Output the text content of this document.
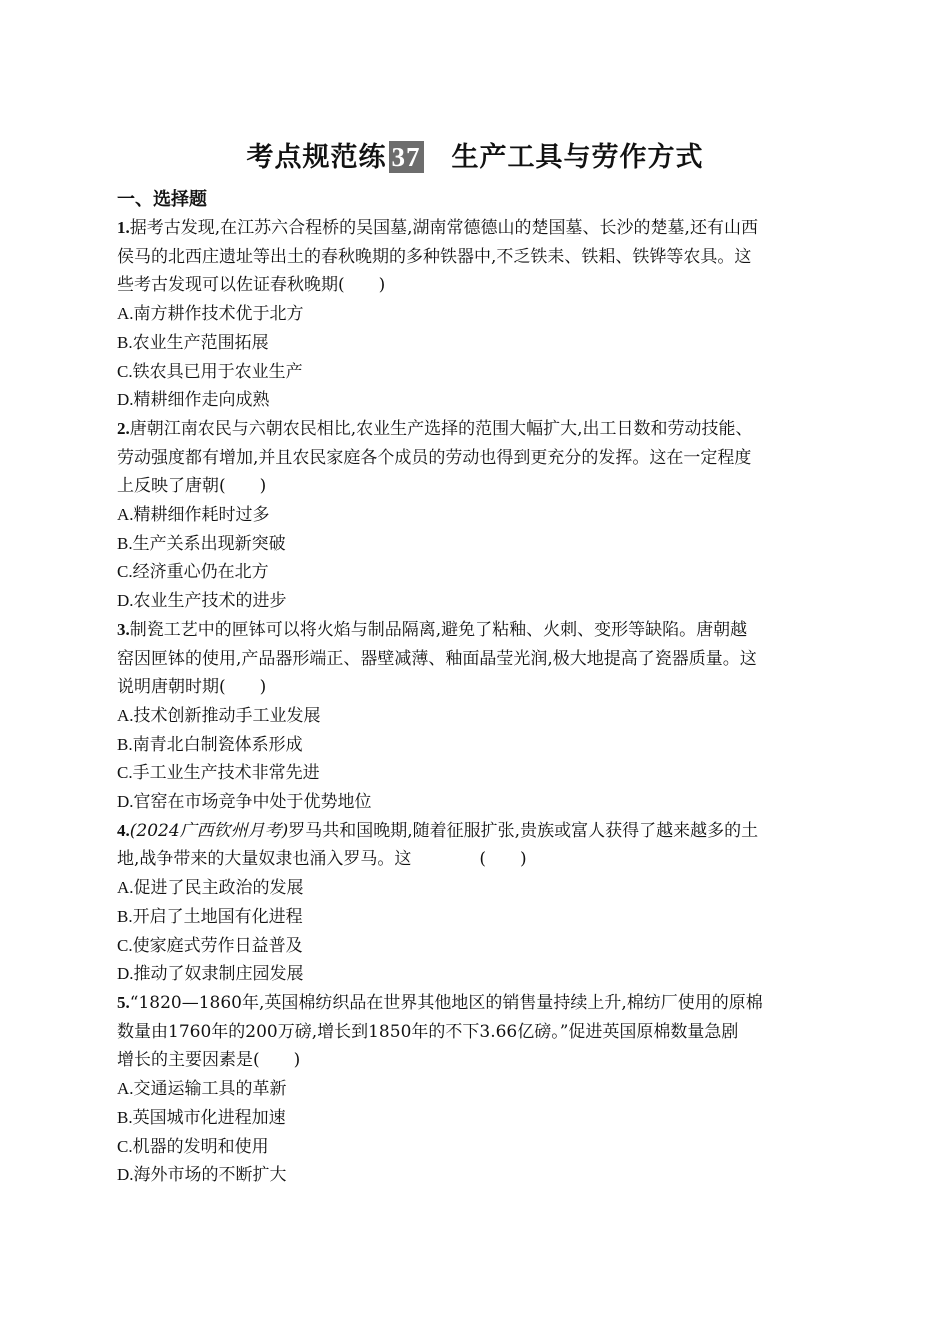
考点规范练 37 生产工具与劳作方式
一、选择题
1.据考古发现,在江苏六合程桥的吴国墓,湖南常德德山的楚国墓、长沙的楚墓,还有山西
侯马的北西庄遗址等出土的春秋晚期的多种铁器中,不乏铁耒、铁耜、铁铧等农具。这
些考古发现可以佐证春秋晚期(　　)
A.南方耕作技术优于北方
B.农业生产范围拓展
C.铁农具已用于农业生产
D.精耕细作走向成熟
2.唐朝江南农民与六朝农民相比,农业生产选择的范围大幅扩大,出工日数和劳动技能、
劳动强度都有增加,并且农民家庭各个成员的劳动也得到更充分的发挥。这在一定程度
上反映了唐朝(　　)
A.精耕细作耗时过多
B.生产关系出现新突破
C.经济重心仍在北方
D.农业生产技术的进步
3.制瓷工艺中的匣钵可以将火焰与制品隔离,避免了粘釉、火刺、变形等缺陷。唐朝越
窑因匣钵的使用,产品器形端正、器壁减薄、釉面晶莹光润,极大地提高了瓷器质量。这
说明唐朝时期(　　)
A.技术创新推动手工业发展
B.南青北白制瓷体系形成
C.手工业生产技术非常先进
D.官窑在市场竞争中处于优势地位
4.(2024广西钦州月考)罗马共和国晚期,随着征服扩张,贵族或富人获得了越来越多的土
地,战争带来的大量奴隶也涌入罗马。这　　　　(　　)
A.促进了民主政治的发展
B.开启了土地国有化进程
C.使家庭式劳作日益普及
D.推动了奴隶制庄园发展
5.“1820—1860年,英国棉纺织品在世界其他地区的销售量持续上升,棉纺厂使用的原棉
数量由1760年的200万磅,增长到1850年的不下3.66亿磅。”促进英国原棉数量急剧
增长的主要因素是(　　)
A.交通运输工具的革新
B.英国城市化进程加速
C.机器的发明和使用
D.海外市场的不断扩大
